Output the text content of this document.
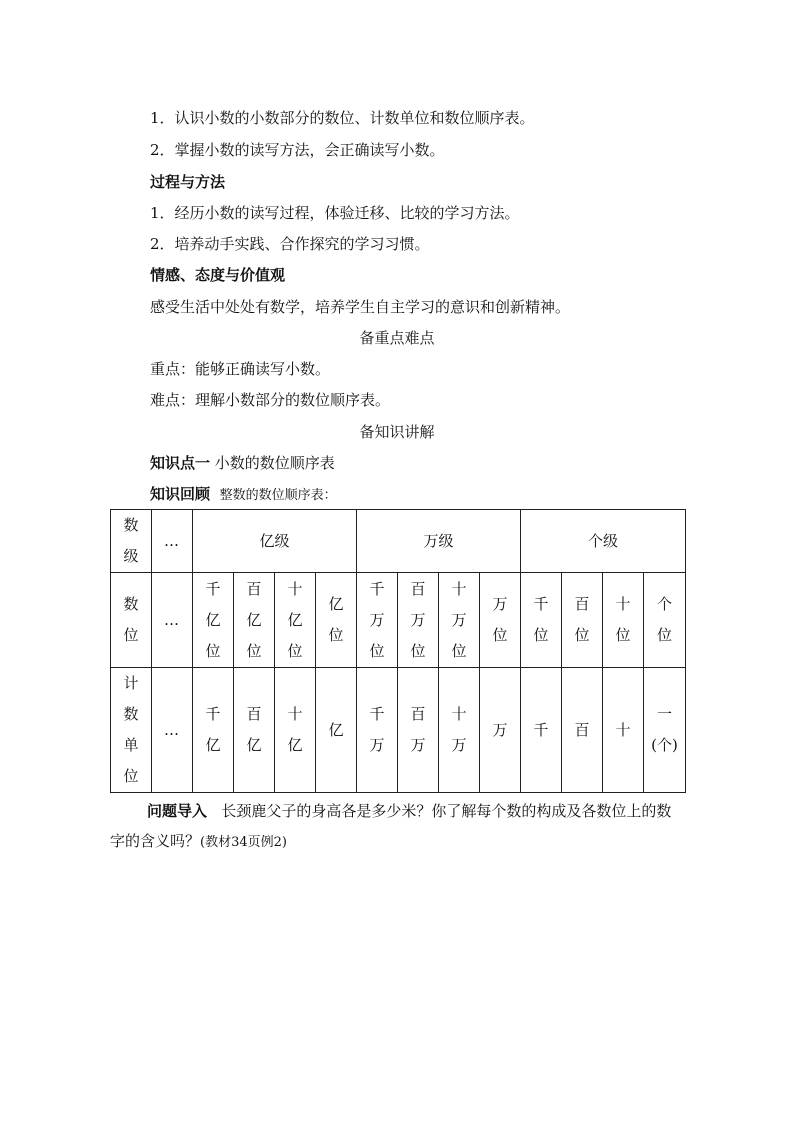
1．认识小数的小数部分的数位、计数单位和数位顺序表。
2．掌握小数的读写方法，会正确读写小数。
过程与方法
1．经历小数的读写过程，体验迁移、比较的学习方法。
2．培养动手实践、合作探究的学习习惯。
情感、态度与价值观
感受生活中处处有数学，培养学生自主学习的意识和创新精神。
备重点难点
重点：能够正确读写小数。
难点：理解小数部分的数位顺序表。
备知识讲解
知识点一 小数的数位顺序表
知识回顾 整数的数位顺序表：
数级	…	亿级				万级				个级			
数位	…	千亿位	百亿位	十亿位	亿位	千万位	百万位	十万位	万位	千位	百位	十位	个位
计数单位	…	千亿	百亿	十亿	亿	千万	百万	十万	万	千	百	十	一(个)
问题导入 长颈鹿父子的身高各是多少米？你了解每个数的构成及各数位上的数字的含义吗？(教材34页例2)
